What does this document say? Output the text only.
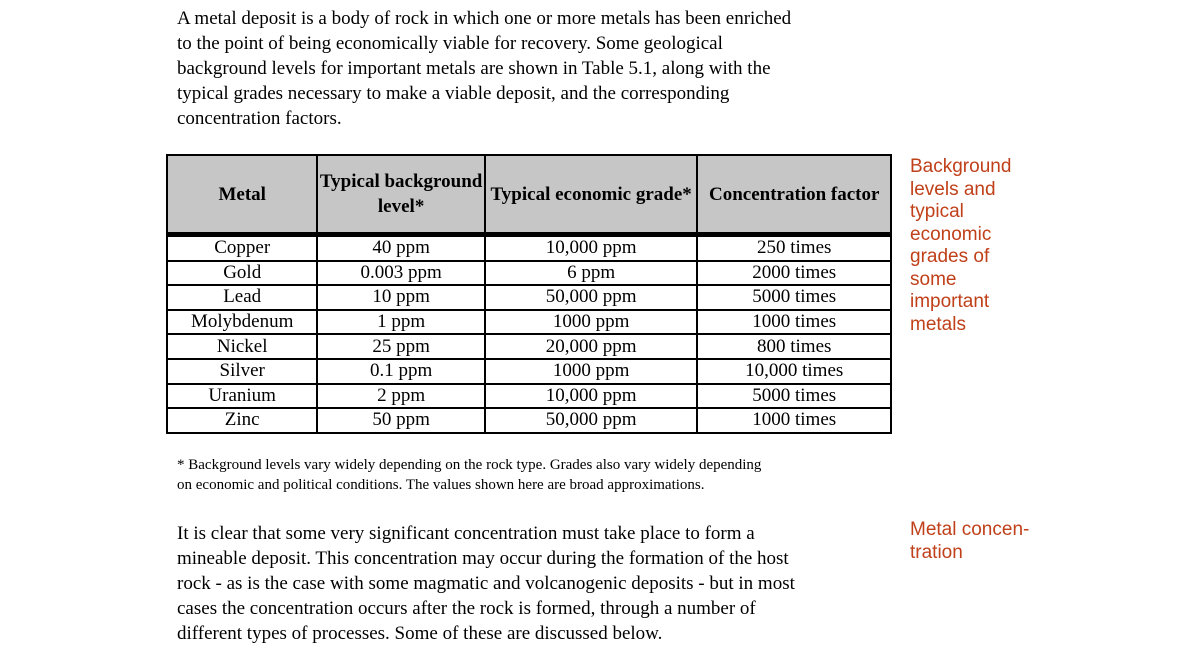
A metal deposit is a body of rock in which one or more metals has been enriched
to the point of being economically viable for recovery. Some geological
background levels for important metals are shown in Table 5.1, along with the
typical grades necessary to make a viable deposit, and the corresponding
concentration factors.

Metal	Typical background level*	Typical economic grade*	Concentration factor
Copper	40 ppm	10,000 ppm	250 times
Gold	0.003 ppm	6 ppm	2000 times
Lead	10 ppm	50,000 ppm	5000 times
Molybdenum	1 ppm	1000 ppm	1000 times
Nickel	25 ppm	20,000 ppm	800 times
Silver	0.1 ppm	1000 ppm	10,000 times
Uranium	2 ppm	10,000 ppm	5000 times
Zinc	50 ppm	50,000 ppm	1000 times

* Background levels vary widely depending on the rock type. Grades also vary widely depending
on economic and political conditions. The values shown here are broad approximations.

Background
levels and
typical
economic
grades of
some
important
metals
Metal concen-
tration

It is clear that some very significant concentration must take place to form a
mineable deposit. This concentration may occur during the formation of the host
rock - as is the case with some magmatic and volcanogenic deposits - but in most
cases the concentration occurs after the rock is formed, through a number of
different types of processes. Some of these are discussed below.
